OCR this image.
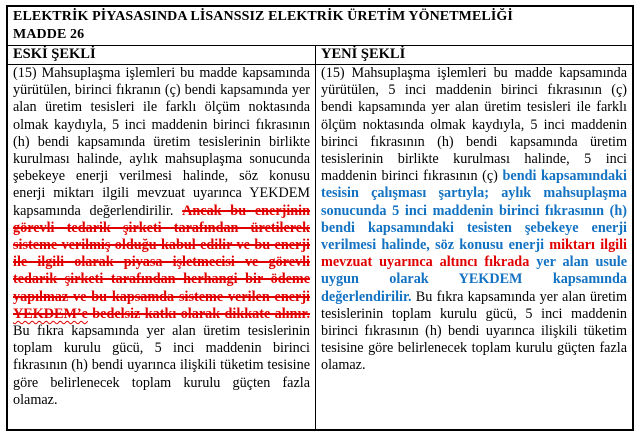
ELEKTRİK PİYASASINDA LİSANSSIZ ELEKTRİK ÜRETİM YÖNETMELİĞİ
MADDE 26
ESKİ ŞEKLİ	YENİ ŞEKLİ

(15) Mahsuplaşma işlemleri bu madde kapsamında yürütülen, birinci fıkranın (ç) bendi kapsamında yer alan üretim tesisleri ile farklı ölçüm noktasında olmak kaydıyla, 5 inci maddenin birinci fıkrasının (h) bendi kapsamında üretim tesislerinin birlikte kurulması halinde, aylık mahsuplaşma sonucunda şebekeye enerji verilmesi halinde, söz konusu enerji miktarı ilgili mevzuat uyarınca YEKDEM kapsamında değerlendirilir. Ancak bu enerjinin görevli tedarik şirketi tarafından üretilerek sisteme verilmiş olduğu kabul edilir ve bu enerji ile ilgili olarak piyasa işletmecisi ve görevli tedarik şirketi tarafından herhangi bir ödeme yapılmaz ve bu kapsamda sisteme verilen enerji YEKDEM’e bedelsiz katkı olarak dikkate alınır. Bu fıkra kapsamında yer alan üretim tesislerinin toplam kurulu gücü, 5 inci maddenin birinci fıkrasının (h) bendi uyarınca ilişkili tüketim tesisine göre belirlenecek toplam kurulu güçten fazla olamaz.

(15) Mahsuplaşma işlemleri bu madde kapsamında yürütülen, 5 inci maddenin birinci fıkrasının (ç) bendi kapsamında yer alan üretim tesisleri ile farklı ölçüm noktasında olmak kaydıyla, 5 inci maddenin birinci fıkrasının (h) bendi kapsamında üretim tesislerinin birlikte kurulması halinde, 5 inci maddenin birinci fıkrasının (ç) bendi kapsamındaki tesisin çalışması şartıyla; aylık mahsuplaşma sonucunda 5 inci maddenin birinci fıkrasının (h) bendi kapsamındaki tesisten şebekeye enerji verilmesi halinde, söz konusu enerji miktarı ilgili mevzuat uyarınca altıncı fıkrada yer alan usule uygun olarak YEKDEM kapsamında değerlendirilir. Bu fıkra kapsamında yer alan üretim tesislerinin toplam kurulu gücü, 5 inci maddenin birinci fıkrasının (h) bendi uyarınca ilişkili tüketim tesisine göre belirlenecek toplam kurulu güçten fazla olamaz.
